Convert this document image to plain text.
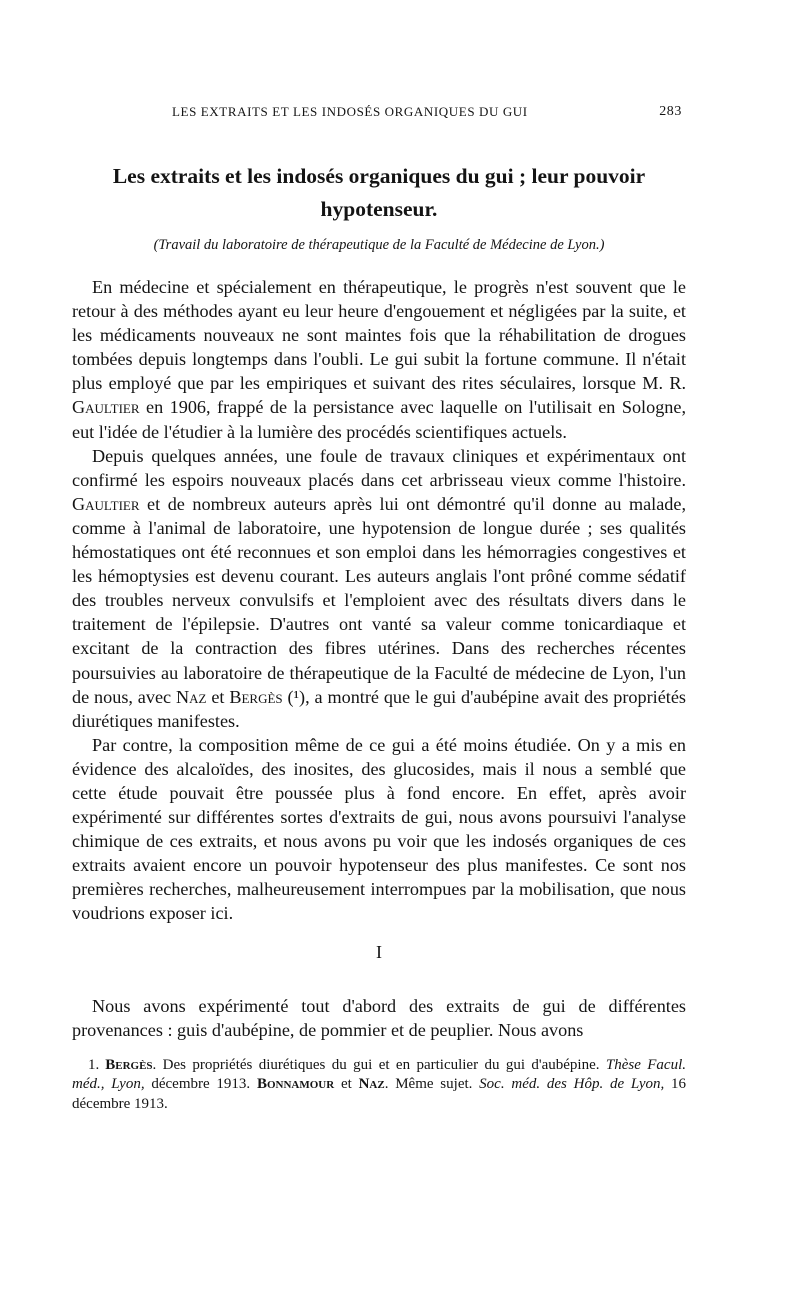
LES EXTRAITS ET LES INDOSÉS ORGANIQUES DU GUI	283
Les extraits et les indosés organiques du gui ; leur pouvoir hypotenseur.
(Travail du laboratoire de thérapeutique de la Faculté de Médecine de Lyon.)

En médecine et spécialement en thérapeutique, le progrès n'est souvent que le retour à des méthodes ayant eu leur heure d'engouement et négligées par la suite, et les médicaments nouveaux ne sont maintes fois que la réhabilitation de drogues tombées depuis longtemps dans l'oubli. Le gui subit la fortune commune. Il n'était plus employé que par les empiriques et suivant des rites séculaires, lorsque M. R. Gaultier en 1906, frappé de la persistance avec laquelle on l'utilisait en Sologne, eut l'idée de l'étudier à la lumière des procédés scientifiques actuels.

Depuis quelques années, une foule de travaux cliniques et expérimentaux ont confirmé les espoirs nouveaux placés dans cet arbrisseau vieux comme l'histoire. Gaultier et de nombreux auteurs après lui ont démontré qu'il donne au malade, comme à l'animal de laboratoire, une hypotension de longue durée ; ses qualités hémostatiques ont été reconnues et son emploi dans les hémorragies congestives et les hémoptysies est devenu courant. Les auteurs anglais l'ont prôné comme sédatif des troubles nerveux convulsifs et l'emploient avec des résultats divers dans le traitement de l'épilepsie. D'autres ont vanté sa valeur comme tonicardiaque et excitant de la contraction des fibres utérines. Dans des recherches récentes poursuivies au laboratoire de thérapeutique de la Faculté de médecine de Lyon, l'un de nous, avec Naz et Bergès (¹), a montré que le gui d'aubépine avait des propriétés diurétiques manifestes.

Par contre, la composition même de ce gui a été moins étudiée. On y a mis en évidence des alcaloïdes, des inosites, des glucosides, mais il nous a semblé que cette étude pouvait être poussée plus à fond encore. En effet, après avoir expérimenté sur différentes sortes d'extraits de gui, nous avons poursuivi l'analyse chimique de ces extraits, et nous avons pu voir que les indosés organiques de ces extraits avaient encore un pouvoir hypotenseur des plus manifestes. Ce sont nos premières recherches, malheureusement interrompues par la mobilisation, que nous voudrions exposer ici.

I

Nous avons expérimenté tout d'abord des extraits de gui de différentes provenances : guis d'aubépine, de pommier et de peuplier. Nous avons

1. Bergès. Des propriétés diurétiques du gui et en particulier du gui d'aubépine. Thèse Facul. méd., Lyon, décembre 1913. Bonnamour et Naz. Même sujet. Soc. méd. des Hôp. de Lyon, 16 décembre 1913.
